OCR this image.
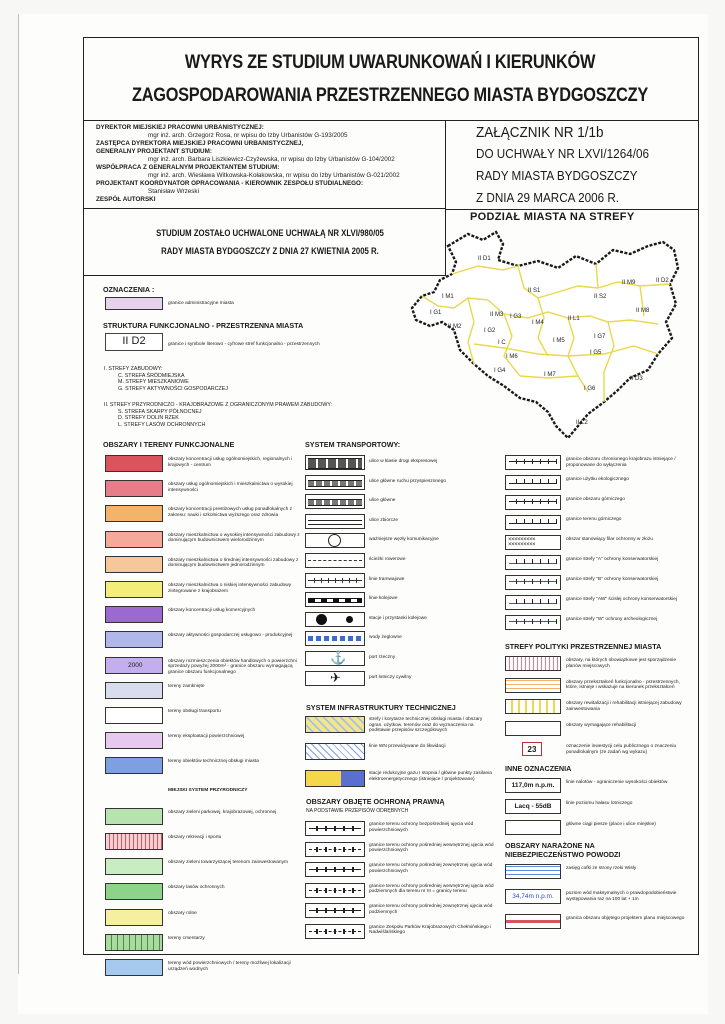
WYRYS ZE STUDIUM UWARUNKOWAŃ I KIERUNKÓW
ZAGOSPODAROWANIA PRZESTRZENNEGO MIASTA BYDGOSZCZY
DYREKTOR MIEJSKIEJ PRACOWNI URBANISTYCZNEJ:
mgr inż. arch. Grzegorz Rosa, nr wpisu do Izby Urbanistów G-193/2005
ZASTĘPCA DYREKTORA MIEJSKIEJ PRACOWNI URBANISTYCZNEJ,
GENERALNY PROJEKTANT STUDIUM:
mgr inż. arch. Barbara Liszkiewicz-Czyżewska, nr wpisu do Izby Urbanistów G-104/2002
WSPÓŁPRACA Z GENERALNYM PROJEKTANTEM STUDIUM:
mgr inż. arch. Wiesława Witkowska-Kołakowska, nr wpisu do Izby Urbanistów G-021/2002
PROJEKTANT KOORDYNATOR OPRACOWANIA - KIEROWNIK ZESPOŁU STUDIALNEGO:
Stanisław Wrzeski
ZESPÓŁ AUTORSKI
ZAŁĄCZNIK NR 1/1b
DO UCHWAŁY NR LXVI/1264/06
RADY MIASTA BYDGOSZCZY
Z DNIA 29 MARCA 2006 R.
STUDIUM ZOSTAŁO UCHWALONE UCHWAŁĄ NR XLVI/980/05
RADY MIASTA BYDGOSZCZY Z DNIA 27 KWIETNIA 2005 R.
PODZIAŁ MIASTA NA STREFY
II D1
II S1
II S2
II M9	II D2
I G1
II M2
II M3
I G2
I G3
I M4
II L1
II M8
I C	I M5
I G7
I M6
I G5
I G4
I M7
I G6
II D3
II L2
I M1
OZNACZENIA :
granice administracyjne miasta
STRUKTURA FUNKCJONALNO - PRZESTRZENNA MIASTA
II D2	granice i symbole literowo - cyfrowe stref funkcjonalno - przestrzennych
I. STREFY ZABUDOWY:
C. STREFA ŚRÓDMIEJSKA
M. STREFY MIESZKANIOWE
G. STREFY AKTYWNOŚCI GOSPODARCZEJ
II. STREFY PRZYRODNICZO - KRAJOBRAZOWE Z OGRANICZONYM PRAWEM ZABUDOWY:
S. STREFA SKARPY PÓŁNOCNEJ
D. STREFY DOLIN RZEK
L. STREFY LASÓW OCHRONNYCH
OBSZARY I TERENY FUNKCJONALNE	SYSTEM TRANSPORTOWY:
SYSTEM INFRASTRUKTURY TECHNICZNEJ
OBSZARY OBJĘTE OCHRONĄ PRAWNĄ
NA PODSTAWIE PRZEPISÓW ODRĘBNYCH
STREFY POLITYKI PRZESTRZENNEJ MIASTA
INNE OZNACZENIA
OBSZARY NARAŻONE NA NIEBEZPIECZEŃSTWO POWODZI
obszary koncentracji usług ogólnomiejskich, regionalnych i krajowych - centrum
obszary usług ogólnomiejskich i mieszkalnictwa o wysokiej intensywności
obszary koncentracji prestiżowych usług ponadlokalnych z zakresu: nauki i szkolnictwa wyższego oraz zdrowia
obszary mieszkalnictwa o wysokiej intensywności zabudowy z dominującym budownictwem wielorodzinnym
obszary mieszkalnictwa o średniej intensywności zabudowy z dominującym budownictwem jednorodzinnym
obszary mieszkalnictwa o niskiej intensywności zabudowy zintegrowane z krajobrazem
obszary koncentracji usług komercyjnych
obszary aktywności gospodarczej usługowo - produkcyjnej
2000
obszary rozmieszczenia obiektów handlowych o powierzchni sprzedaży powyżej 2000m² - granice obszaru wymagającą granice obszaru funkcjonalnego
tereny zamknięte
tereny obsługi transportu
tereny eksploatacji powierzchniowej
tereny obiektów technicznej obsługi miasta
MIEJSKI SYSTEM PRZYRODNICZY
obszary zieleni parkowej, krajobrazowej, ochronnej
obszary rekreacji i sportu
obszary zieleni towarzyszącej terenom zainwestowanym
obszary lasów ochronnych
obszary rolne
tereny cmentarzy
tereny wód powierzchniowych / tereny możliwej lokalizacji urządzeń wodnych
ulice w klasie drogi ekspresowej
ulice główne ruchu przyspieszonego
ulice główne
ulice zbiorcze
ważniejsze węzły komunikacyjne
ścieżki rowerowe
linie tramwajowe
linie kolejowe
stacje i przystanki kolejowe
wody żeglowne
⚓	port rzeczny
✈	port lotniczy cywilny
strefy i korytarze technicznej obsługi miasta / obszary ogran. użytkow. terenów oraz do wyznaczenia na podstawie przepisów szczegółowych
linie WN przewidywane do likwidacji
stacje redukcyjne gazu I stopnia / główne punkty zasilania elektroenergetycznego (istniejące / projektowane)
granice terenu ochrony bezpośredniej ujęcia wód powierzchniowych
granice terenu ochrony pośredniej wewnętrznej ujęcia wód powierzchniowych
granice terenu ochrony pośredniej zewnętrznej ujęcia wód powierzchniowych
granice terenu ochrony pośredniej wewnętrznej ujęcia wód podziemnych dla terenu nr III = granicy terenu
granice terenu ochrony pośredniej zewnętrznej ujęcia wód podziemnych
granice Zespołu Parków Krajobrazowych Chełmińskiego i Nadwiślańskiego
granice obszaru chronionego krajobrazu istniejące / proponowane do wyłączenia
granice użytku ekologicznego
granice obszaru górniczego
granice terenu górniczego
×××××××××
×××××××××
obszar stanowiący filar ochronny w złożu
granice strefy "A" ochrony konserwatorskiej
granice strefy "B" ochrony konserwatorskiej
granice strefy "AW" ścisłej ochrony konserwatorskiej
granice strefy "W" ochrony archeologicznej
obszary, na których obowiązkowe jest sporządzenie planów miejscowych
obszary przekształceń funkcjonalno - przestrzennych, które, istnieje i wskazuje na kierunek przekształceń
obszary rewitalizacji i rehabilitacji istniejącej zabudowy zainwestowania
obszary wymagające rehabilitacji
23	oznaczenie inwestycji celu publicznego o znaczeniu ponadlokalnym (ze zadań wg wykazu)
117,0m n.p.m.	linie nalotów - ograniczenie wysokości obiektów
Lacq - 55dB	linie poziomu hałasu lotniczego
główne ciągi piesze (place i ulice miejskie)
zasięg cofki ze strony rzeki Wisły
34,74m n.p.m.	poziom wód maksymalnych o prawdopodobieństwie występowania raz na 100 lat + 1m
granica obszaru objętego projektem planu miejscowego
